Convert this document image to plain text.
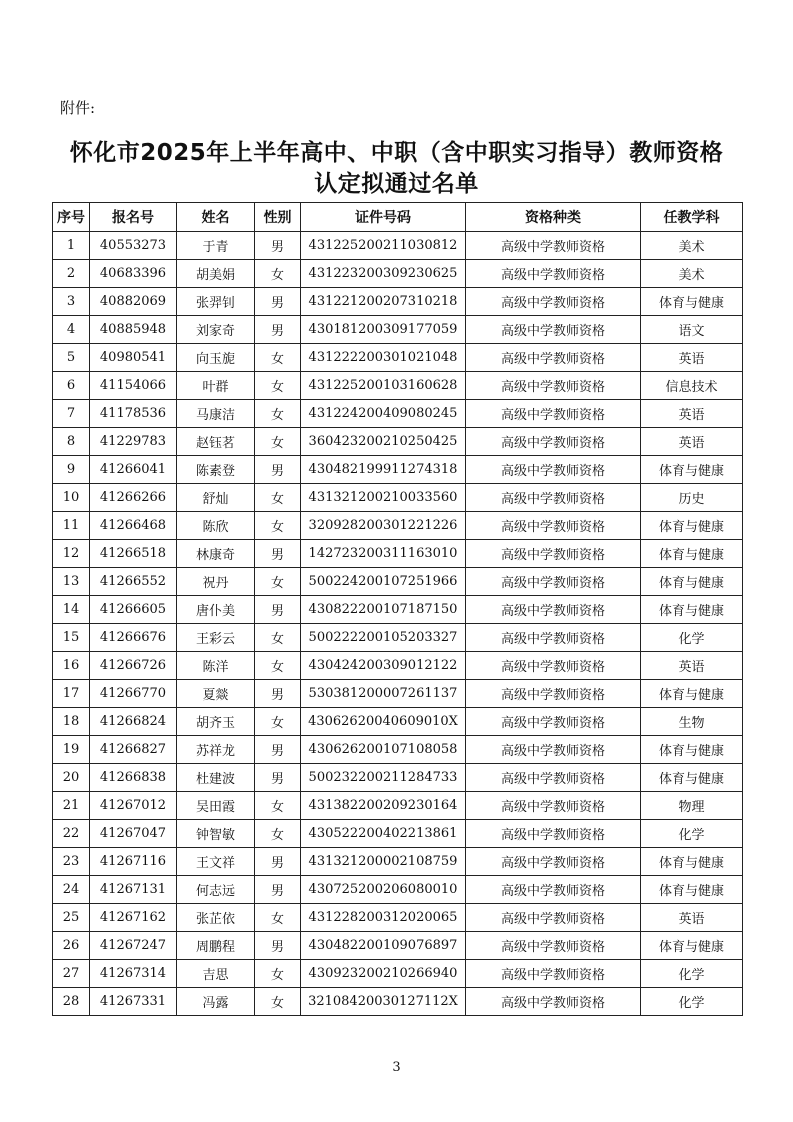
附件:
怀化市2025年上半年高中、中职（含中职实习指导）教师资格
认定拟通过名单
序号	报名号	姓名	性别	证件号码	资格种类	任教学科
1	40553273	于青	男	431225200211030812	高级中学教师资格	美术
2	40683396	胡美娟	女	431223200309230625	高级中学教师资格	美术
3	40882069	张羿钊	男	431221200207310218	高级中学教师资格	体育与健康
4	40885948	刘家奇	男	430181200309177059	高级中学教师资格	语文
5	40980541	向玉旎	女	431222200301021048	高级中学教师资格	英语
6	41154066	叶群	女	431225200103160628	高级中学教师资格	信息技术
7	41178536	马康洁	女	431224200409080245	高级中学教师资格	英语
8	41229783	赵钰茗	女	360423200210250425	高级中学教师资格	英语
9	41266041	陈素登	男	430482199911274318	高级中学教师资格	体育与健康
10	41266266	舒灿	女	431321200210033560	高级中学教师资格	历史
11	41266468	陈欣	女	320928200301221226	高级中学教师资格	体育与健康
12	41266518	林康奇	男	142723200311163010	高级中学教师资格	体育与健康
13	41266552	祝丹	女	500224200107251966	高级中学教师资格	体育与健康
14	41266605	唐仆美	男	430822200107187150	高级中学教师资格	体育与健康
15	41266676	王彩云	女	500222200105203327	高级中学教师资格	化学
16	41266726	陈洋	女	430424200309012122	高级中学教师资格	英语
17	41266770	夏燚	男	530381200007261137	高级中学教师资格	体育与健康
18	41266824	胡齐玉	女	43062620040609010X	高级中学教师资格	生物
19	41266827	苏祥龙	男	430626200107108058	高级中学教师资格	体育与健康
20	41266838	杜建波	男	500232200211284733	高级中学教师资格	体育与健康
21	41267012	吴田霞	女	431382200209230164	高级中学教师资格	物理
22	41267047	钟智敏	女	430522200402213861	高级中学教师资格	化学
23	41267116	王文祥	男	431321200002108759	高级中学教师资格	体育与健康
24	41267131	何志远	男	430725200206080010	高级中学教师资格	体育与健康
25	41267162	张芷依	女	431228200312020065	高级中学教师资格	英语
26	41267247	周鹏程	男	430482200109076897	高级中学教师资格	体育与健康
27	41267314	吉思	女	430923200210266940	高级中学教师资格	化学
28	41267331	冯露	女	32108420030127112X	高级中学教师资格	化学
3
